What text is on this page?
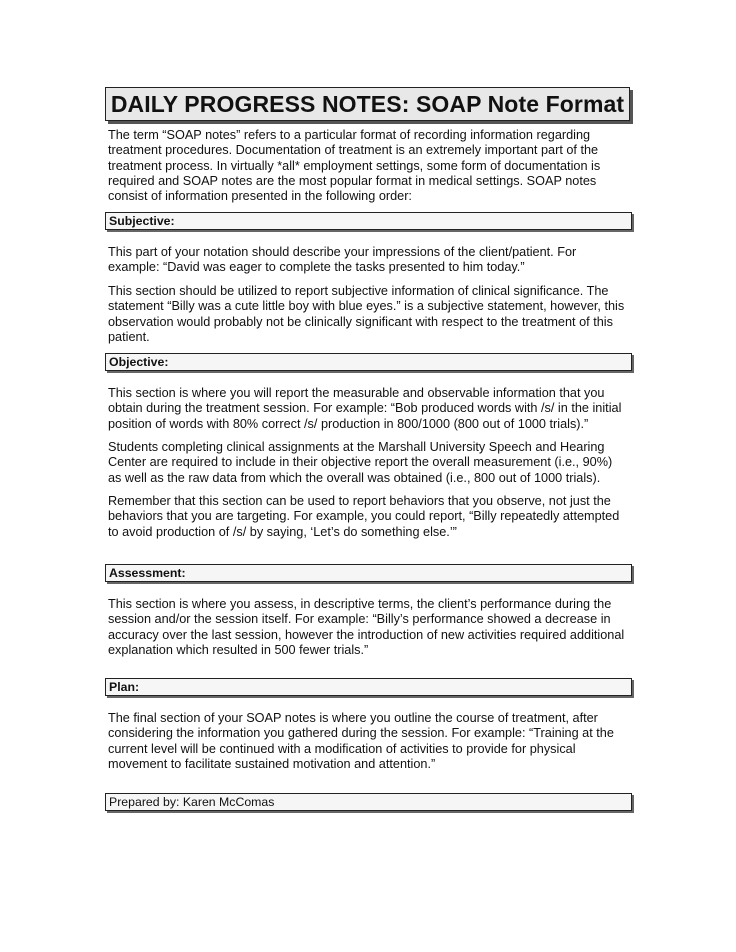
DAILY PROGRESS NOTES: SOAP Note Format

The term “SOAP notes” refers to a particular format of recording information regarding treatment procedures. Documentation of treatment is an extremely important part of the treatment process. In virtually *all* employment settings, some form of documentation is required and SOAP notes are the most popular format in medical settings. SOAP notes consist of information presented in the following order:

Subjective:

This part of your notation should describe your impressions of the client/patient. For example: “David was eager to complete the tasks presented to him today.”

This section should be utilized to report subjective information of clinical significance. The statement “Billy was a cute little boy with blue eyes.” is a subjective statement, however, this observation would probably not be clinically significant with respect to the treatment of this patient.

Objective:

This section is where you will report the measurable and observable information that you obtain during the treatment session. For example: “Bob produced words with /s/ in the initial position of words with 80% correct /s/ production in 800/1000 (800 out of 1000 trials).”

Students completing clinical assignments at the Marshall University Speech and Hearing Center are required to include in their objective report the overall measurement (i.e., 90%) as well as the raw data from which the overall was obtained (i.e., 800 out of 1000 trials).

Remember that this section can be used to report behaviors that you observe, not just the behaviors that you are targeting. For example, you could report, “Billy repeatedly attempted to avoid production of /s/ by saying, ‘Let’s do something else.’”

Assessment:

This section is where you assess, in descriptive terms, the client’s performance during the session and/or the session itself. For example: “Billy’s performance showed a decrease in accuracy over the last session, however the introduction of new activities required additional explanation which resulted in 500 fewer trials.”

Plan:

The final section of your SOAP notes is where you outline the course of treatment, after considering the information you gathered during the session. For example: “Training at the current level will be continued with a modification of activities to provide for physical movement to facilitate sustained motivation and attention.”

Prepared by: Karen McComas
